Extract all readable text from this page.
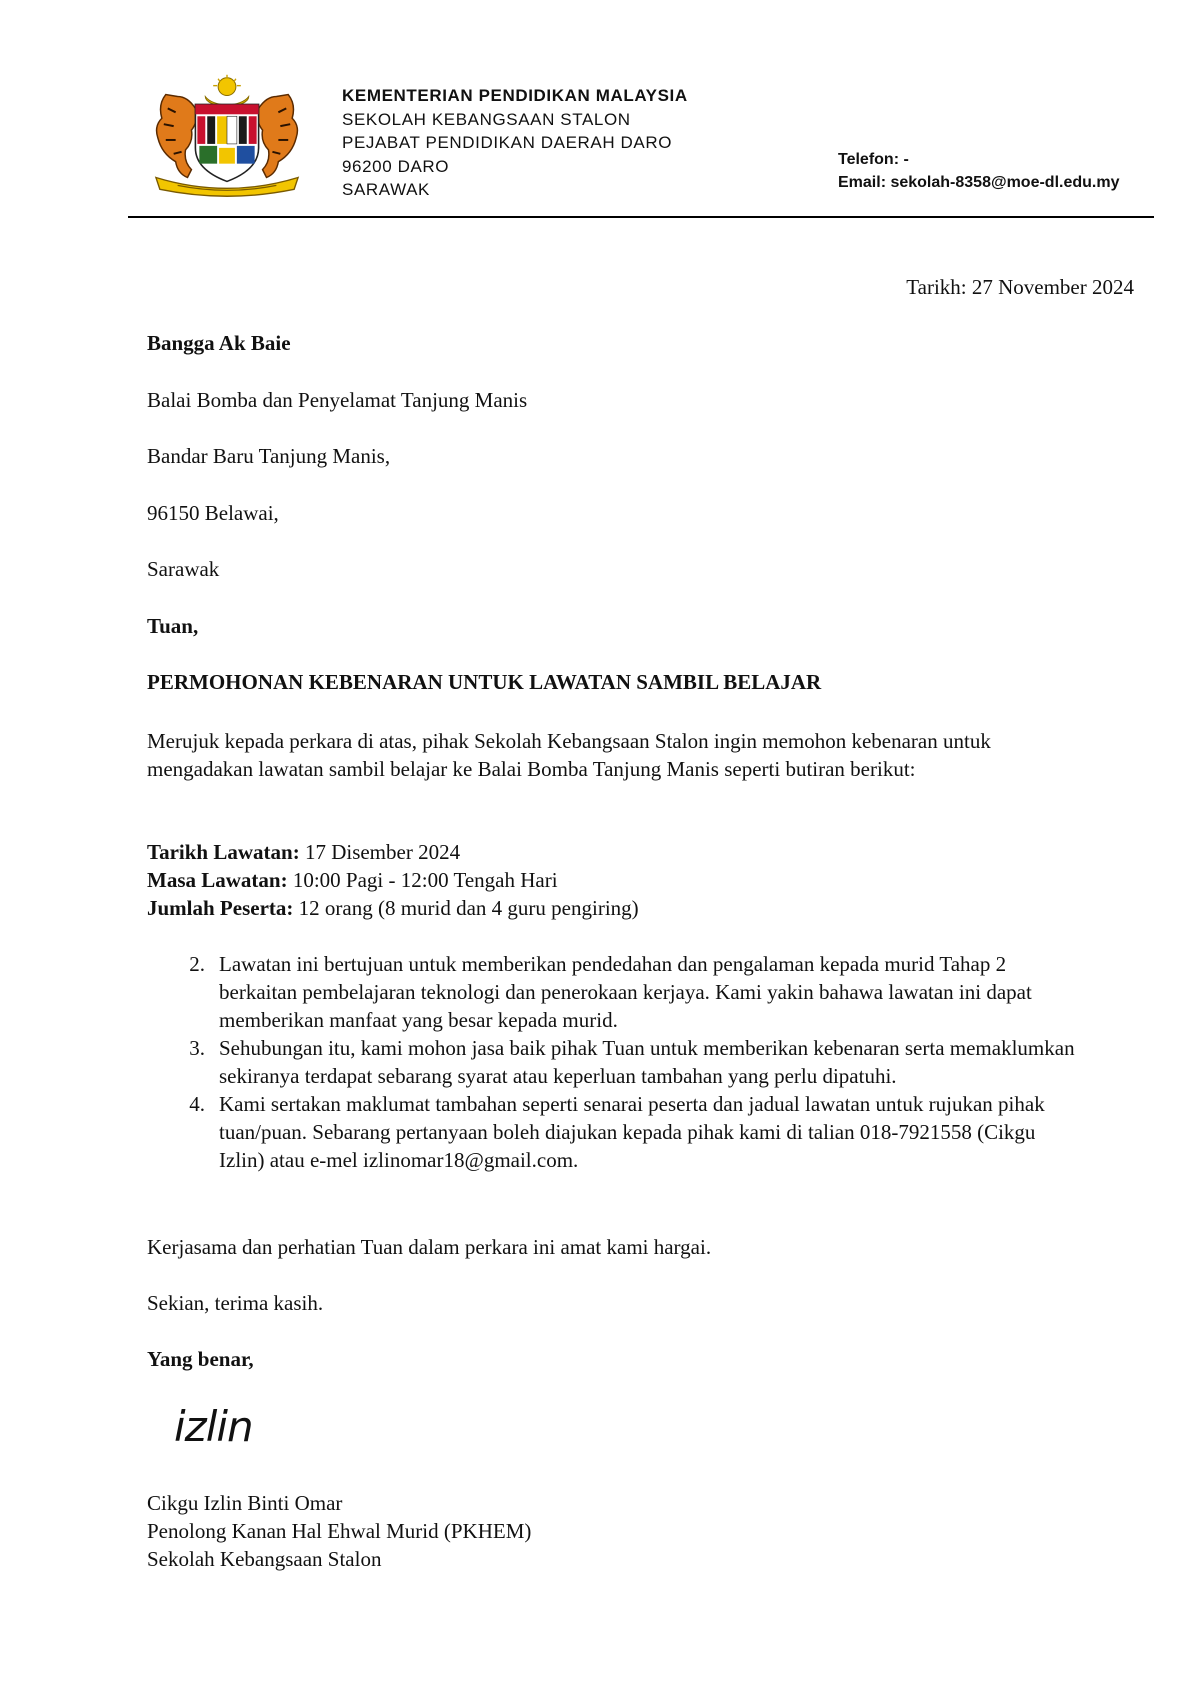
KEMENTERIAN PENDIDIKAN MALAYSIA
SEKOLAH KEBANGSAAN STALON
PEJABAT PENDIDIKAN DAERAH DARO
96200 DARO
SARAWAK
Telefon: -
Email: sekolah-8358@moe-dl.edu.my
Tarikh: 27 November 2024
Bangga Ak Baie
Balai Bomba dan Penyelamat Tanjung Manis
Bandar Baru Tanjung Manis,
96150 Belawai,
Sarawak
Tuan,
PERMOHONAN KEBENARAN UNTUK LAWATAN SAMBIL BELAJAR
Merujuk kepada perkara di atas, pihak Sekolah Kebangsaan Stalon ingin memohon kebenaran untuk mengadakan lawatan sambil belajar ke Balai Bomba Tanjung Manis seperti butiran berikut:
Tarikh Lawatan: 17 Disember 2024
Masa Lawatan: 10:00 Pagi - 12:00 Tengah Hari
Jumlah Peserta: 12 orang (8 murid dan 4 guru pengiring)
2. Lawatan ini bertujuan untuk memberikan pendedahan dan pengalaman kepada murid Tahap 2 berkaitan pembelajaran teknologi dan penerokaan kerjaya. Kami yakin bahawa lawatan ini dapat memberikan manfaat yang besar kepada murid.
3. Sehubungan itu, kami mohon jasa baik pihak Tuan untuk memberikan kebenaran serta memaklumkan sekiranya terdapat sebarang syarat atau keperluan tambahan yang perlu dipatuhi.
4. Kami sertakan maklumat tambahan seperti senarai peserta dan jadual lawatan untuk rujukan pihak tuan/puan. Sebarang pertanyaan boleh diajukan kepada pihak kami di talian 018-7921558 (Cikgu Izlin) atau e-mel izlinomar18@gmail.com.
Kerjasama dan perhatian Tuan dalam perkara ini amat kami hargai.
Sekian, terima kasih.
Yang benar,
izlin
Cikgu Izlin Binti Omar
Penolong Kanan Hal Ehwal Murid (PKHEM)
Sekolah Kebangsaan Stalon
